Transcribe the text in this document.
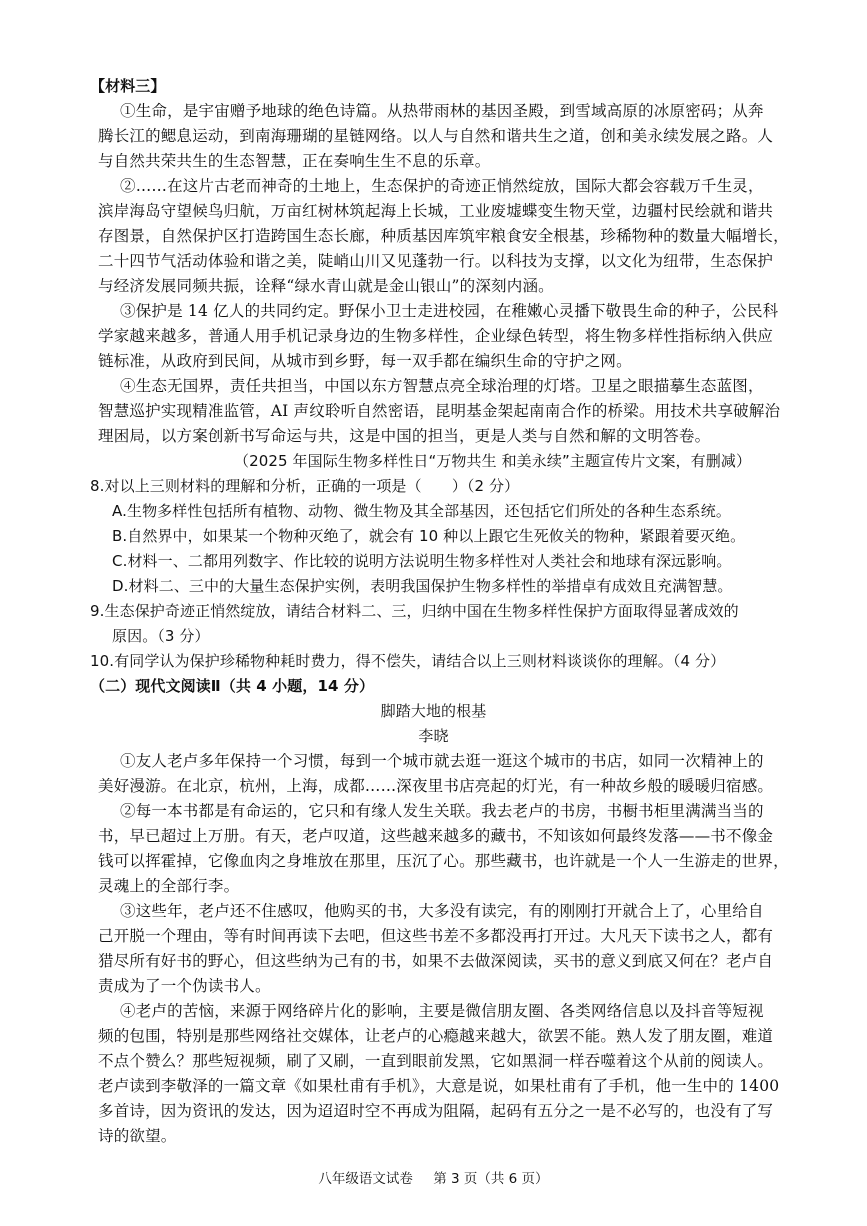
【材料三】
①生命，是宇宙赠予地球的绝色诗篇。从热带雨林的基因圣殿，到雪域高原的冰原密码；从奔
腾长江的鳃息运动，到南海珊瑚的星链网络。以人与自然和谐共生之道，创和美永续发展之路。人
与自然共荣共生的生态智慧，正在奏响生生不息的乐章。
②……在这片古老而神奇的土地上，生态保护的奇迹正悄然绽放，国际大都会容载万千生灵，
滨岸海岛守望候鸟归航，万亩红树林筑起海上长城，工业废墟蝶变生物天堂，边疆村民绘就和谐共
存图景，自然保护区打造跨国生态长廊，种质基因库筑牢粮食安全根基，珍稀物种的数量大幅增长，
二十四节气活动体验和谐之美，陡峭山川又见蓬勃一行。以科技为支撑，以文化为纽带，生态保护
与经济发展同频共振，诠释“绿水青山就是金山银山”的深刻内涵。
③保护是 14 亿人的共同约定。野保小卫士走进校园，在稚嫩心灵播下敬畏生命的种子，公民科
学家越来越多，普通人用手机记录身边的生物多样性，企业绿色转型，将生物多样性指标纳入供应
链标准，从政府到民间，从城市到乡野，每一双手都在编织生命的守护之网。
④生态无国界，责任共担当，中国以东方智慧点亮全球治理的灯塔。卫星之眼描摹生态蓝图，
智慧巡护实现精准监管，AI 声纹聆听自然密语，昆明基金架起南南合作的桥梁。用技术共享破解治
理困局，以方案创新书写命运与共，这是中国的担当，更是人类与自然和解的文明答卷。
（2025 年国际生物多样性日“万物共生 和美永续”主题宣传片文案，有删减）
8.对以上三则材料的理解和分析，正确的一项是（　　）（2 分）
A.生物多样性包括所有植物、动物、微生物及其全部基因，还包括它们所处的各种生态系统。
B.自然界中，如果某一个物种灭绝了，就会有 10 种以上跟它生死攸关的物种，紧跟着要灭绝。
C.材料一、二都用列数字、作比较的说明方法说明生物多样性对人类社会和地球有深远影响。
D.材料二、三中的大量生态保护实例，表明我国保护生物多样性的举措卓有成效且充满智慧。
9.生态保护奇迹正悄然绽放，请结合材料二、三，归纳中国在生物多样性保护方面取得显著成效的
原因。（3 分）
10.有同学认为保护珍稀物种耗时费力，得不偿失，请结合以上三则材料谈谈你的理解。（4 分）
（二）现代文阅读Ⅱ（共 4 小题，14 分）
脚踏大地的根基
李晓
①友人老卢多年保持一个习惯，每到一个城市就去逛一逛这个城市的书店，如同一次精神上的
美好漫游。在北京，杭州，上海，成都……深夜里书店亮起的灯光，有一种故乡般的暖暖归宿感。
②每一本书都是有命运的，它只和有缘人发生关联。我去老卢的书房，书橱书柜里满满当当的
书，早已超过上万册。有天，老卢叹道，这些越来越多的藏书，不知该如何最终发落——书不像金
钱可以挥霍掉，它像血肉之身堆放在那里，压沉了心。那些藏书，也许就是一个人一生游走的世界，
灵魂上的全部行李。
③这些年，老卢还不住感叹，他购买的书，大多没有读完，有的刚刚打开就合上了，心里给自
己开脱一个理由，等有时间再读下去吧，但这些书差不多都没再打开过。大凡天下读书之人，都有
猎尽所有好书的野心，但这些纳为己有的书，如果不去做深阅读，买书的意义到底又何在？老卢自
责成为了一个伪读书人。
④老卢的苦恼，来源于网络碎片化的影响，主要是微信朋友圈、各类网络信息以及抖音等短视
频的包围，特别是那些网络社交媒体，让老卢的心瘾越来越大，欲罢不能。熟人发了朋友圈，难道
不点个赞么？那些短视频，刷了又刷，一直到眼前发黑，它如黑洞一样吞噬着这个从前的阅读人。
老卢读到李敬泽的一篇文章《如果杜甫有手机》，大意是说，如果杜甫有了手机，他一生中的 1400
多首诗，因为资讯的发达，因为迢迢时空不再成为阻隔，起码有五分之一是不必写的，也没有了写
诗的欲望。
八年级语文试卷 第 3 页（共 6 页）
